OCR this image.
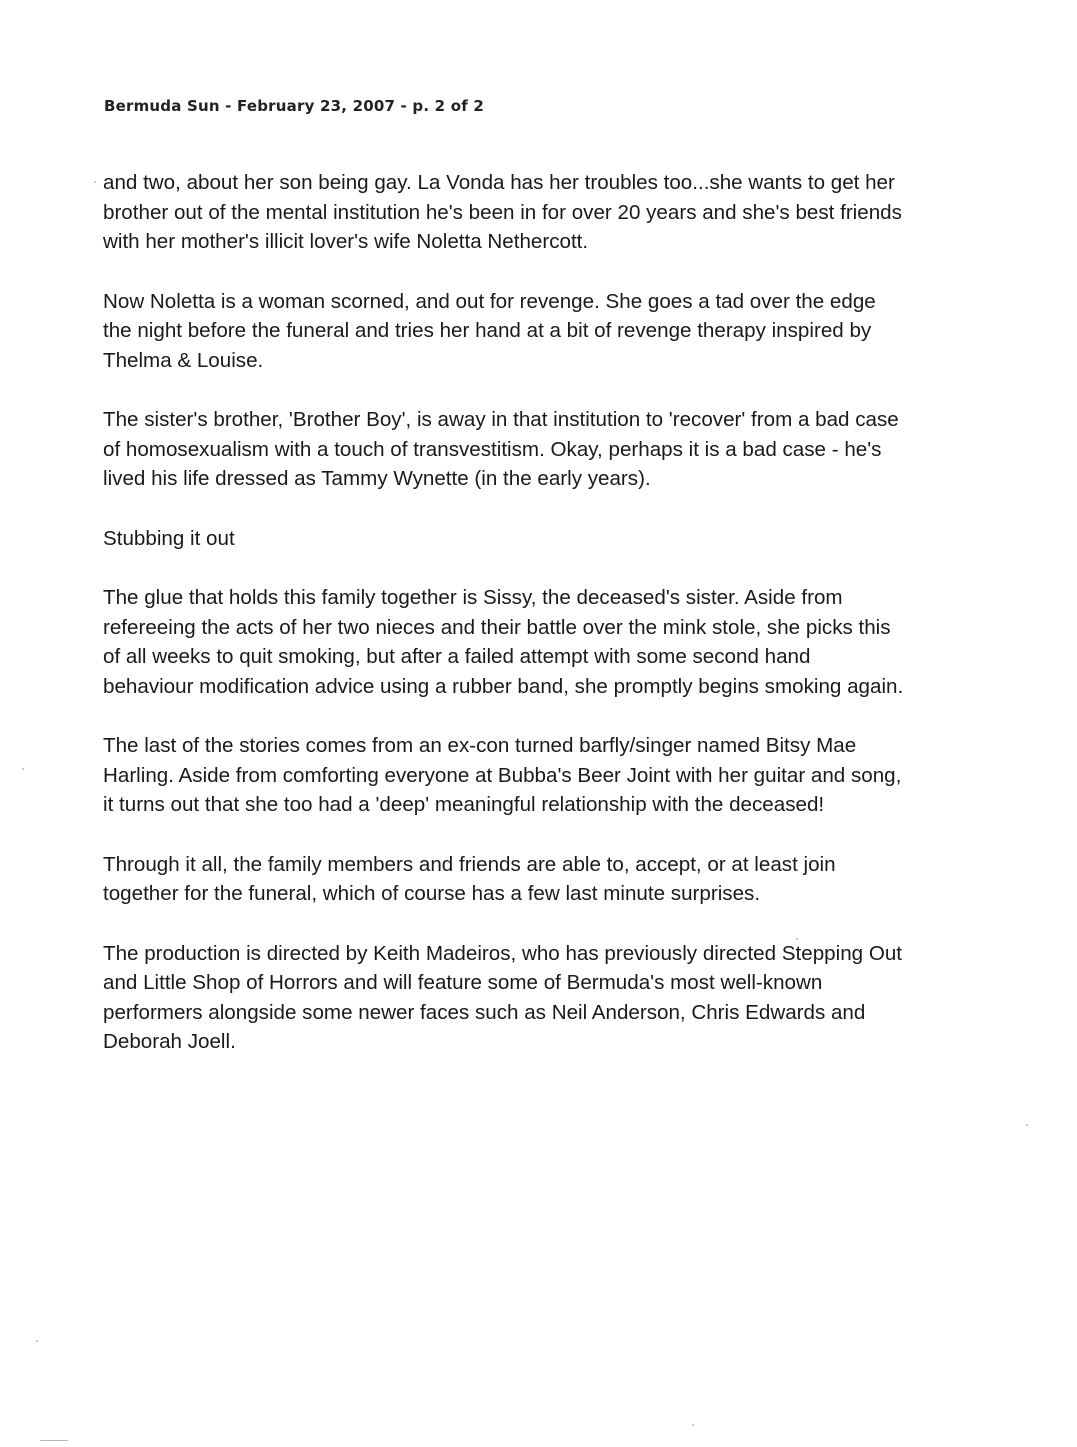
Bermuda Sun - February 23, 2007 - p. 2 of 2

and two, about her son being gay. La Vonda has her troubles too...she wants to get her
brother out of the mental institution he's been in for over 20 years and she's best friends
with her mother's illicit lover's wife Noletta Nethercott.

Now Noletta is a woman scorned, and out for revenge. She goes a tad over the edge
the night before the funeral and tries her hand at a bit of revenge therapy inspired by
Thelma & Louise.

The sister's brother, 'Brother Boy', is away in that institution to 'recover' from a bad case
of homosexualism with a touch of transvestitism. Okay, perhaps it is a bad case - he's
lived his life dressed as Tammy Wynette (in the early years).

Stubbing it out

The glue that holds this family together is Sissy, the deceased's sister. Aside from
refereeing the acts of her two nieces and their battle over the mink stole, she picks this
of all weeks to quit smoking, but after a failed attempt with some second hand
behaviour modification advice using a rubber band, she promptly begins smoking again.

The last of the stories comes from an ex-con turned barfly/singer named Bitsy Mae
Harling. Aside from comforting everyone at Bubba's Beer Joint with her guitar and song,
it turns out that she too had a 'deep' meaningful relationship with the deceased!

Through it all, the family members and friends are able to, accept, or at least join
together for the funeral, which of course has a few last minute surprises.

The production is directed by Keith Madeiros, who has previously directed Stepping Out
and Little Shop of Horrors and will feature some of Bermuda's most well-known
performers alongside some newer faces such as Neil Anderson, Chris Edwards and
Deborah Joell.
